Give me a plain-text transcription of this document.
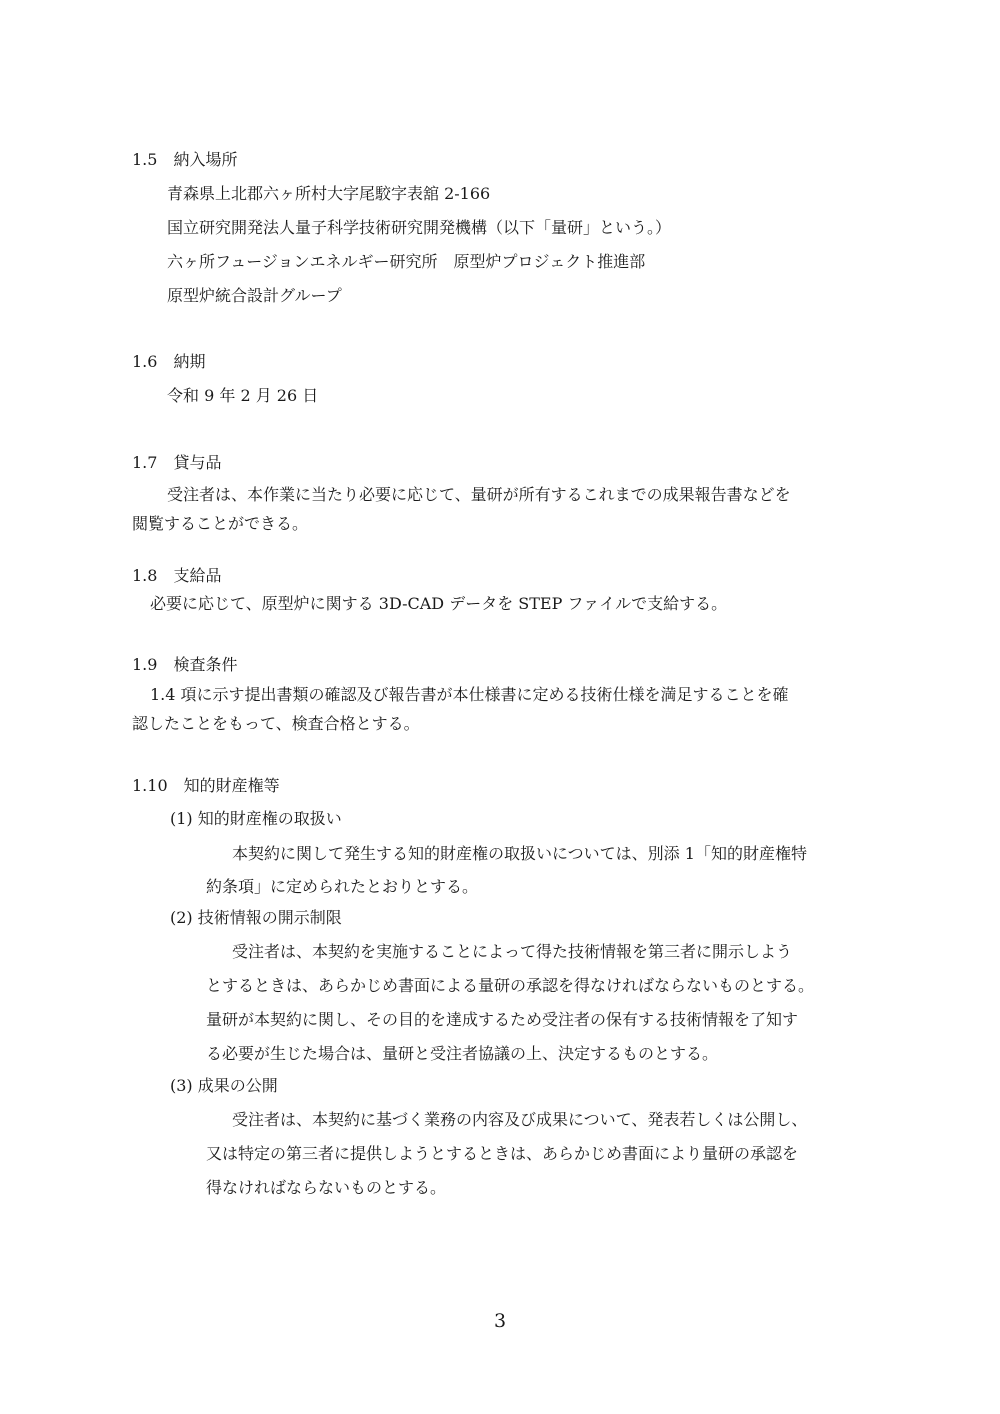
1.5　納入場所
青森県上北郡六ヶ所村大字尾駮字表舘 2-166
国立研究開発法人量子科学技術研究開発機構（以下「量研」という。）
六ヶ所フュージョンエネルギー研究所　原型炉プロジェクト推進部
原型炉統合設計グループ
1.6　納期
令和 9 年 2 月 26 日
1.7　貸与品
受注者は、本作業に当たり必要に応じて、量研が所有するこれまでの成果報告書などを
閲覧することができる。
1.8　支給品
必要に応じて、原型炉に関する 3D-CAD データを STEP ファイルで支給する。
1.9　検査条件
1.4 項に示す提出書類の確認及び報告書が本仕様書に定める技術仕様を満足することを確
認したことをもって、検査合格とする。
1.10　知的財産権等
(1) 知的財産権の取扱い
本契約に関して発生する知的財産権の取扱いについては、別添 1「知的財産権特
約条項」に定められたとおりとする。
(2) 技術情報の開示制限
受注者は、本契約を実施することによって得た技術情報を第三者に開示しよう
とするときは、あらかじめ書面による量研の承認を得なければならないものとする。
量研が本契約に関し、その目的を達成するため受注者の保有する技術情報を了知す
る必要が生じた場合は、量研と受注者協議の上、決定するものとする。
(3) 成果の公開
受注者は、本契約に基づく業務の内容及び成果について、発表若しくは公開し、
又は特定の第三者に提供しようとするときは、あらかじめ書面により量研の承認を
得なければならないものとする。
3
